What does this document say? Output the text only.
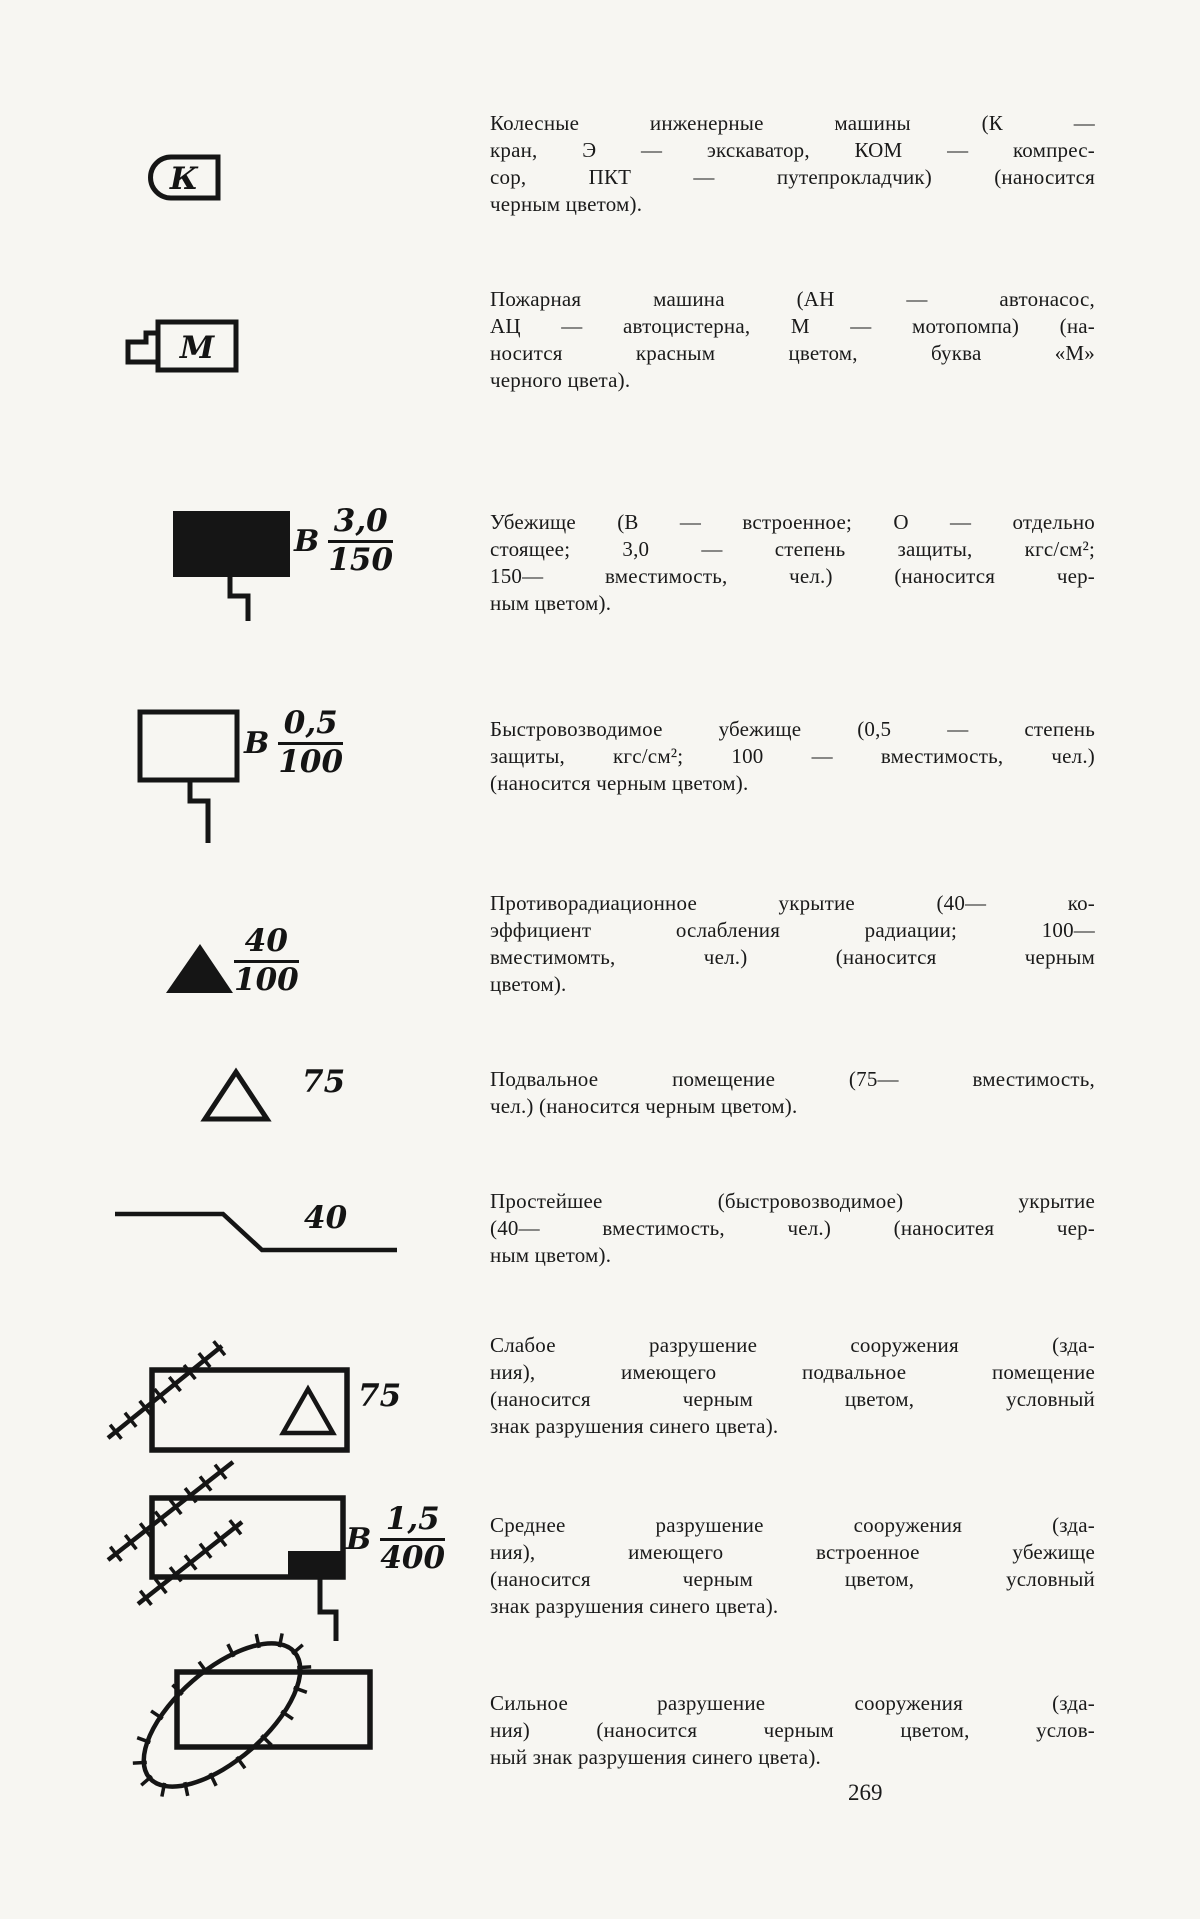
К
М
Колесные инженерные машины (К —
кран, Э — экскаватор, КОМ — компрес-
сор, ПКТ — путепрокладчик) (наносится
черным цветом).
Пожарная машина (АН — автонасос,
АЦ — автоцистерна, М — мотопомпа) (на-
носится красным цветом, буква «М»
черного цвета).
Убежище (В — встроенное; О — отдельно
стоящее; 3,0 — степень защиты, кгс/см²;
150— вместимость, чел.) (наносится чер-
ным цветом).
Быстровозводимое убежище (0,5 — степень
защиты, кгс/см²; 100 — вместимость, чел.)
(наносится черным цветом).
Противорадиационное укрытие (40— ко-
эффициент ослабления радиации; 100—
вместимомть, чел.) (наносится черным
цветом).
Подвальное помещение (75— вместимость,
чел.) (наносится черным цветом).
Простейшее (быстровозводимое) укрытие
(40— вместимость, чел.) (наноситея чер-
ным цветом).
Слабое разрушение сооружения (зда-
ния), имеющего подвальное помещение
(наносится черным цветом, условный
знак разрушения синего цвета).
Среднее разрушение сооружения (зда-
ния), имеющего встроенное убежище
(наносится черным цветом, условный
знак разрушения синего цвета).
Сильное разрушение сооружения (зда-
ния) (наносится черным цветом, услов-
ный знак разрушения синего цвета).
В $\frac{3,0}{150}$
В $\frac{0,5}{100}$
$\frac{40}{100}$
75
40
75
В $\frac{1,5}{400}$
269
